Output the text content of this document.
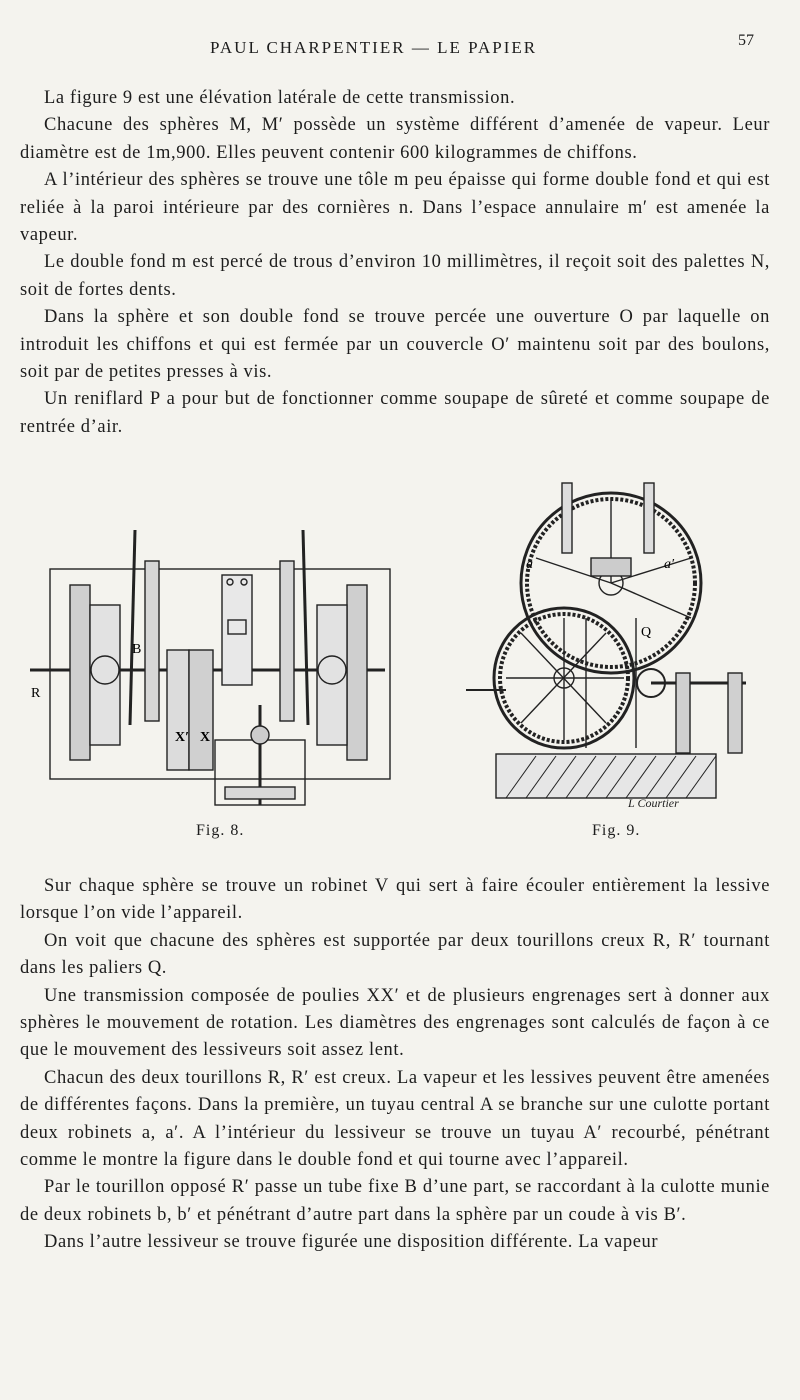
PAUL CHARPENTIER — LE PAPIER	57

La figure 9 est une élévation latérale de cette transmission.

Chacune des sphères M, M′ possède un système différent d’amenée de vapeur. Leur diamètre est de 1m,900. Elles peuvent contenir 600 kilogrammes de chiffons.

A l’intérieur des sphères se trouve une tôle m peu épaisse qui forme double fond et qui est reliée à la paroi intérieure par des cornières n. Dans l’espace annulaire m′ est amenée la vapeur.

Le double fond m est percé de trous d’environ 10 millimètres, il reçoit soit des palettes N, soit de fortes dents.

Dans la sphère et son double fond se trouve percée une ouverture O par laquelle on introduit les chiffons et qui est fermée par un couvercle O′ maintenu soit par des boulons, soit par de petites presses à vis.

Un reniflard P a pour but de fonctionner comme soupape de sûreté et comme soupape de rentrée d’air.

R
B
X′ X
a	a′
Q
L Courtier
Fig. 8.	Fig. 9.

Sur chaque sphère se trouve un robinet V qui sert à faire écouler entièrement la lessive lorsque l’on vide l’appareil.

On voit que chacune des sphères est supportée par deux tourillons creux R, R′ tournant dans les paliers Q.

Une transmission composée de poulies XX′ et de plusieurs engrenages sert à donner aux sphères le mouvement de rotation. Les diamètres des engrenages sont calculés de façon à ce que le mouvement des lessiveurs soit assez lent.

Chacun des deux tourillons R, R′ est creux. La vapeur et les lessives peuvent être amenées de différentes façons. Dans la première, un tuyau central A se branche sur une culotte portant deux robinets a, a′. A l’intérieur du lessiveur se trouve un tuyau A′ recourbé, pénétrant comme le montre la figure dans le double fond et qui tourne avec l’appareil.

Par le tourillon opposé R′ passe un tube fixe B d’une part, se raccordant à la culotte munie de deux robinets b, b′ et pénétrant d’autre part dans la sphère par un coude à vis B′.

Dans l’autre lessiveur se trouve figurée une disposition différente. La vapeur
